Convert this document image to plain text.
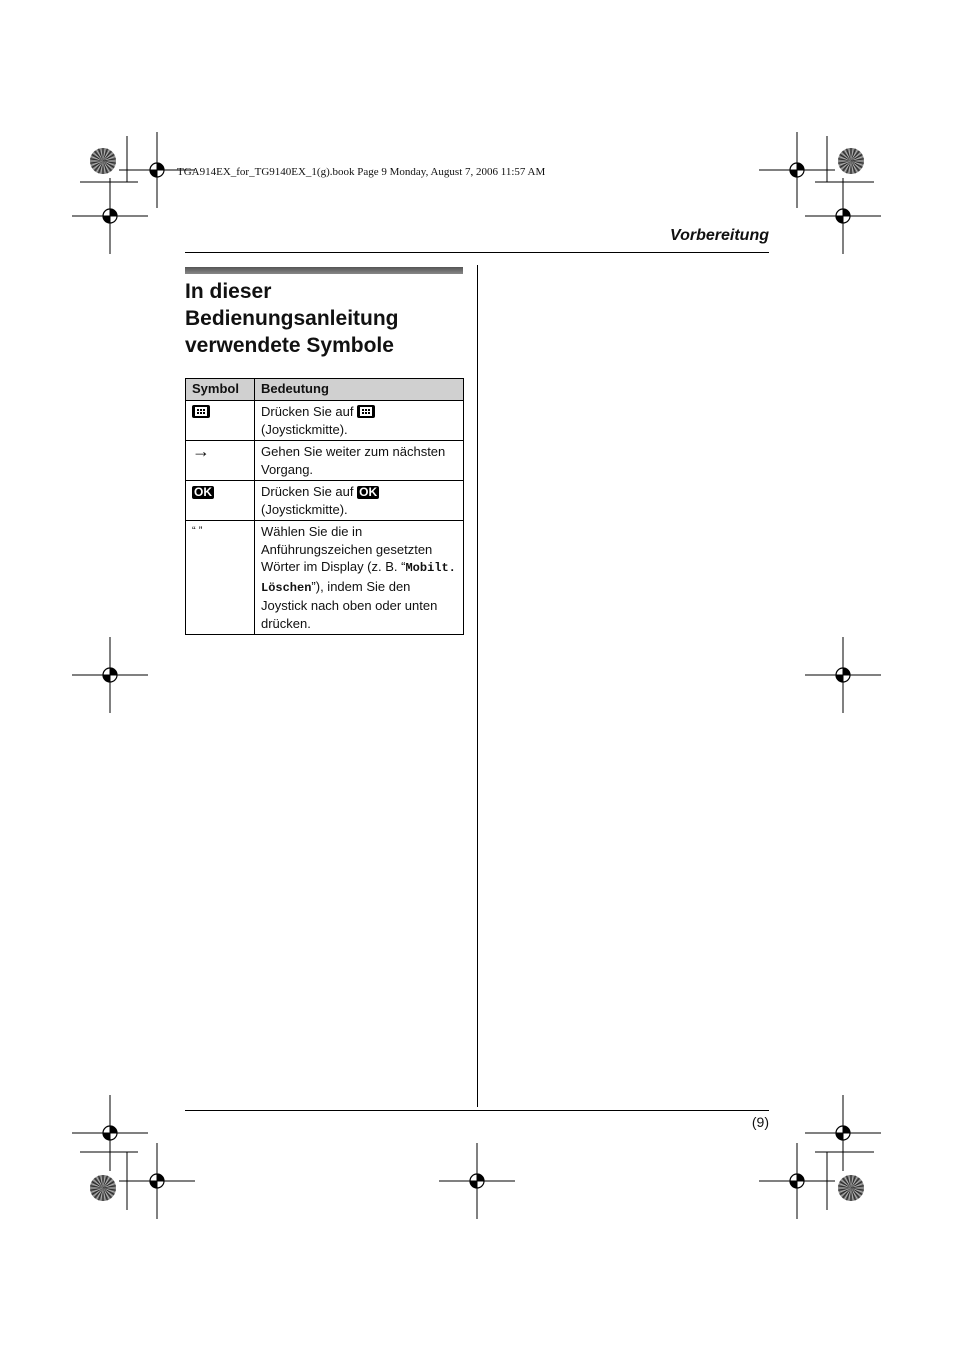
TGA914EX_for_TG9140EX_1(g).book Page 9 Monday, August 7, 2006 11:57 AM
Vorbereitung
In dieser
Bedienungsanleitung
verwendete Symbole
Symbol	Bedeutung
	Drücken Sie auf
(Joystickmitte).
→	Gehen Sie weiter zum nächsten Vorgang.
OK	Drücken Sie auf OK
(Joystickmitte).
“ ”	Wählen Sie die in Anführungszeichen gesetzten Wörter im Display (z. B. “Mobilt. Löschen”), indem Sie den Joystick nach oben oder unten drücken.
(9)
